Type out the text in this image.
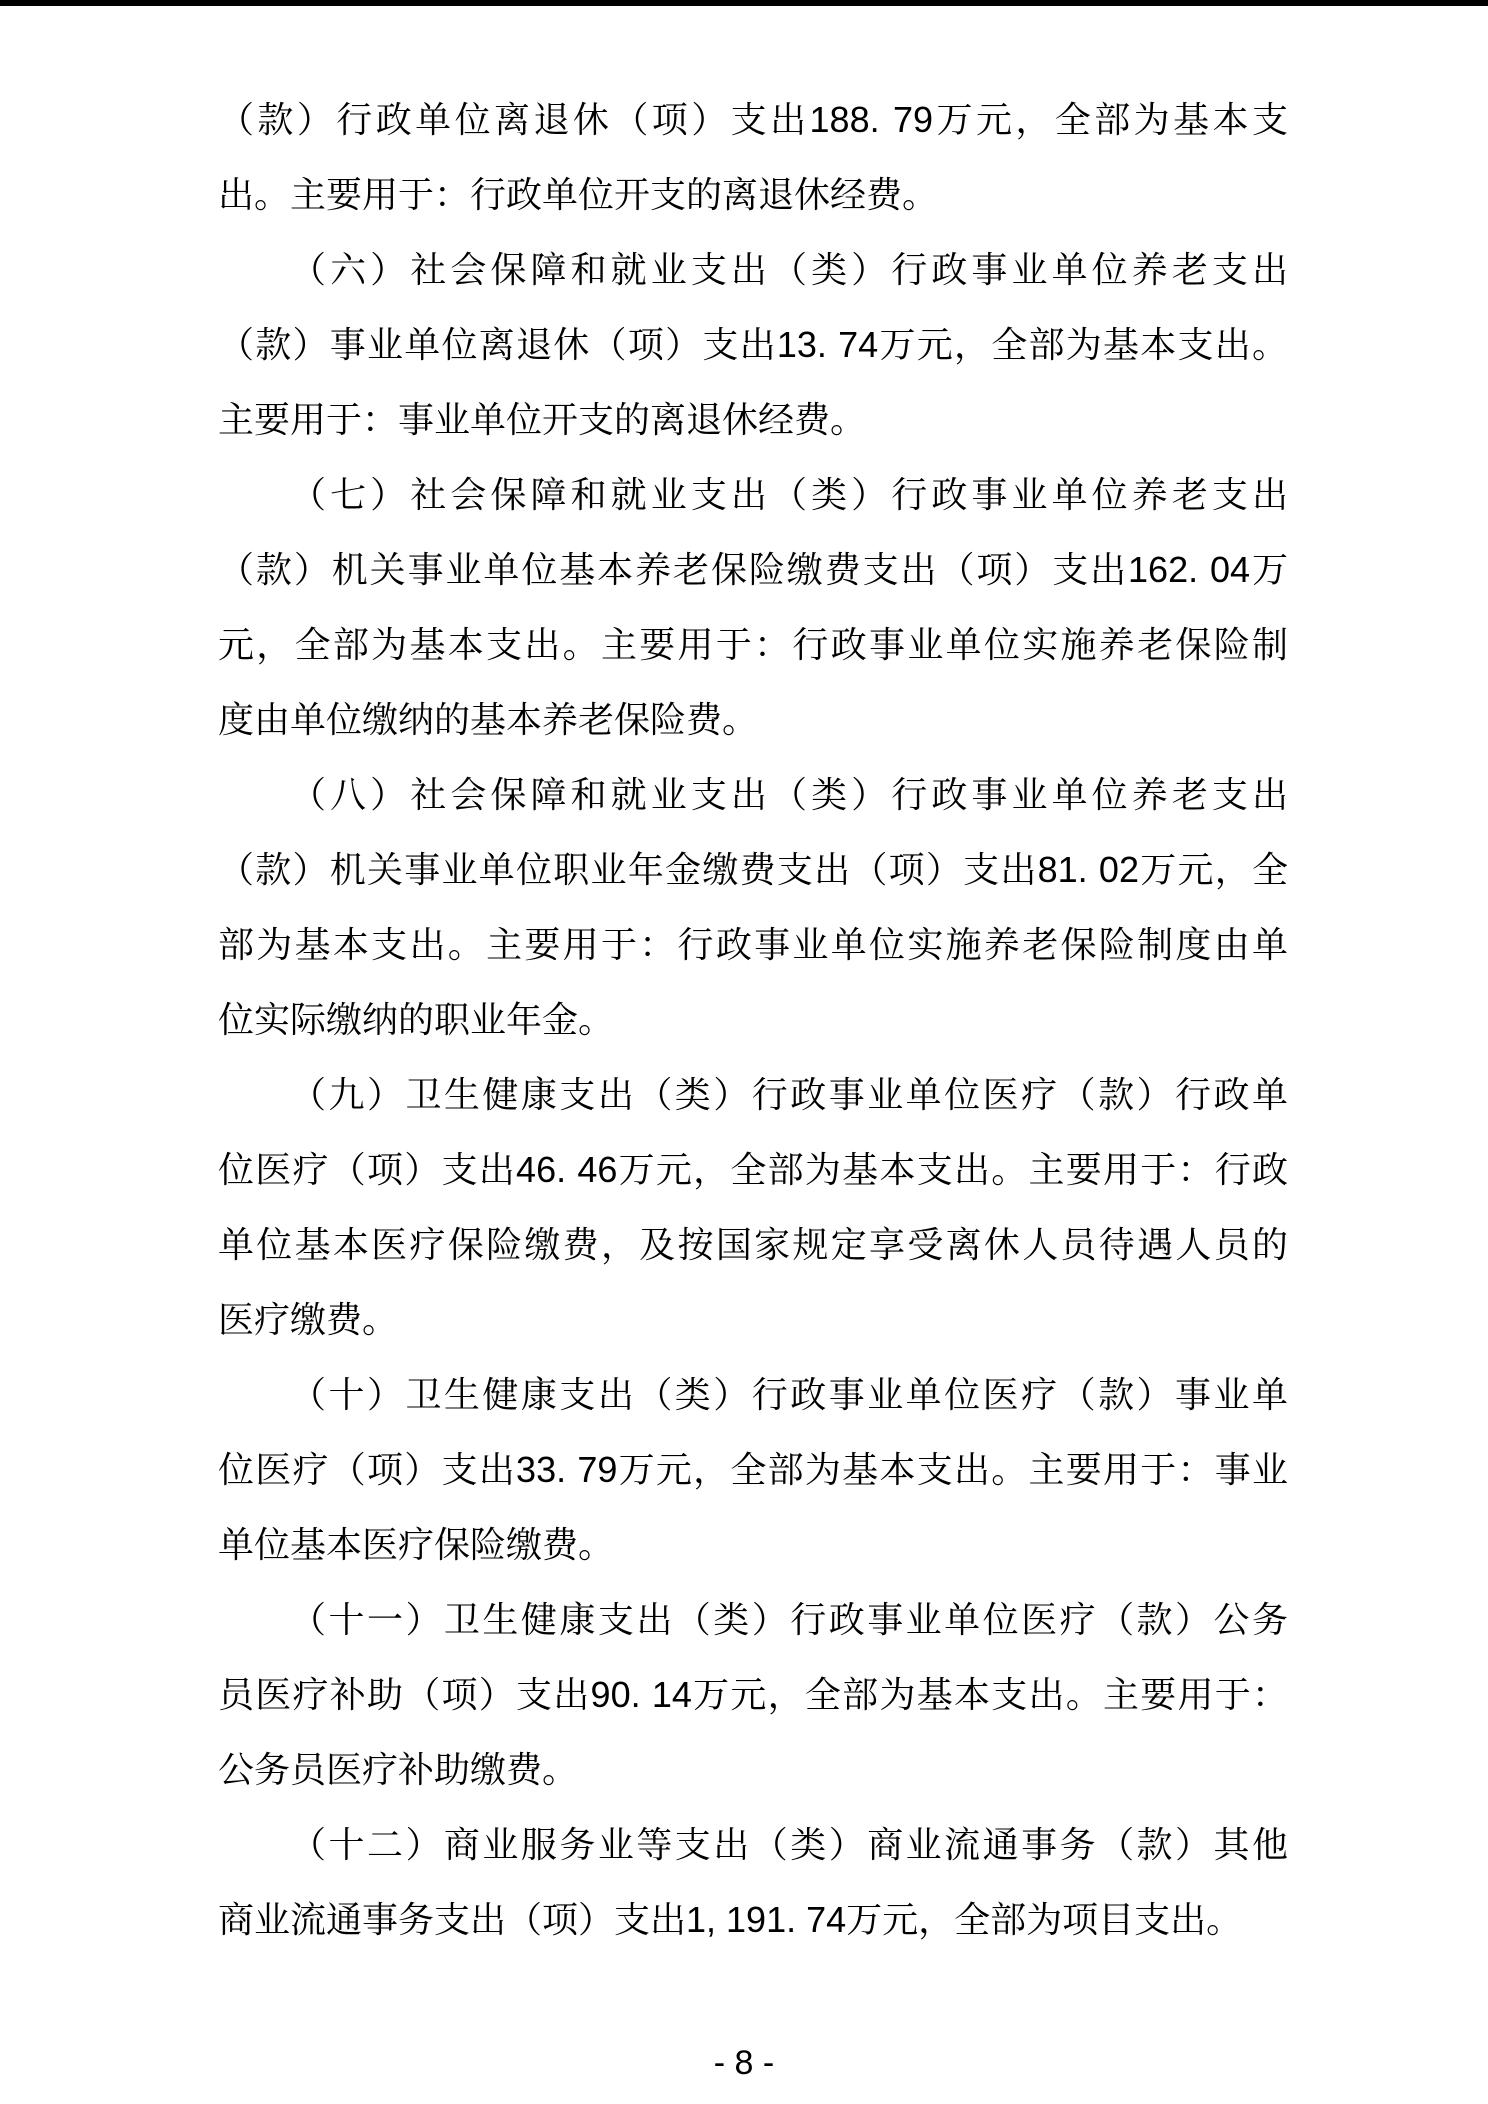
（款）行政单位离退休（项）支出188. 79万元，全部为基本支
出。主要用于：行政单位开支的离退休经费。
（六）社会保障和就业支出（类）行政事业单位养老支出
（款）事业单位离退休（项）支出13. 74万元，全部为基本支出。
主要用于：事业单位开支的离退休经费。
（七）社会保障和就业支出（类）行政事业单位养老支出
（款）机关事业单位基本养老保险缴费支出（项）支出162. 04万
元，全部为基本支出。主要用于：行政事业单位实施养老保险制
度由单位缴纳的基本养老保险费。
（八）社会保障和就业支出（类）行政事业单位养老支出
（款）机关事业单位职业年金缴费支出（项）支出81. 02万元，全
部为基本支出。主要用于：行政事业单位实施养老保险制度由单
位实际缴纳的职业年金。
（九）卫生健康支出（类）行政事业单位医疗（款）行政单
位医疗（项）支出46. 46万元，全部为基本支出。主要用于：行政
单位基本医疗保险缴费，及按国家规定享受离休人员待遇人员的
医疗缴费。
（十）卫生健康支出（类）行政事业单位医疗（款）事业单
位医疗（项）支出33. 79万元，全部为基本支出。主要用于：事业
单位基本医疗保险缴费。
（十一）卫生健康支出（类）行政事业单位医疗（款）公务
员医疗补助（项）支出90. 14万元，全部为基本支出。主要用于：
公务员医疗补助缴费。
（十二）商业服务业等支出（类）商业流通事务（款）其他
商业流通事务支出（项）支出1, 191. 74万元，全部为项目支出。
- 8 -
